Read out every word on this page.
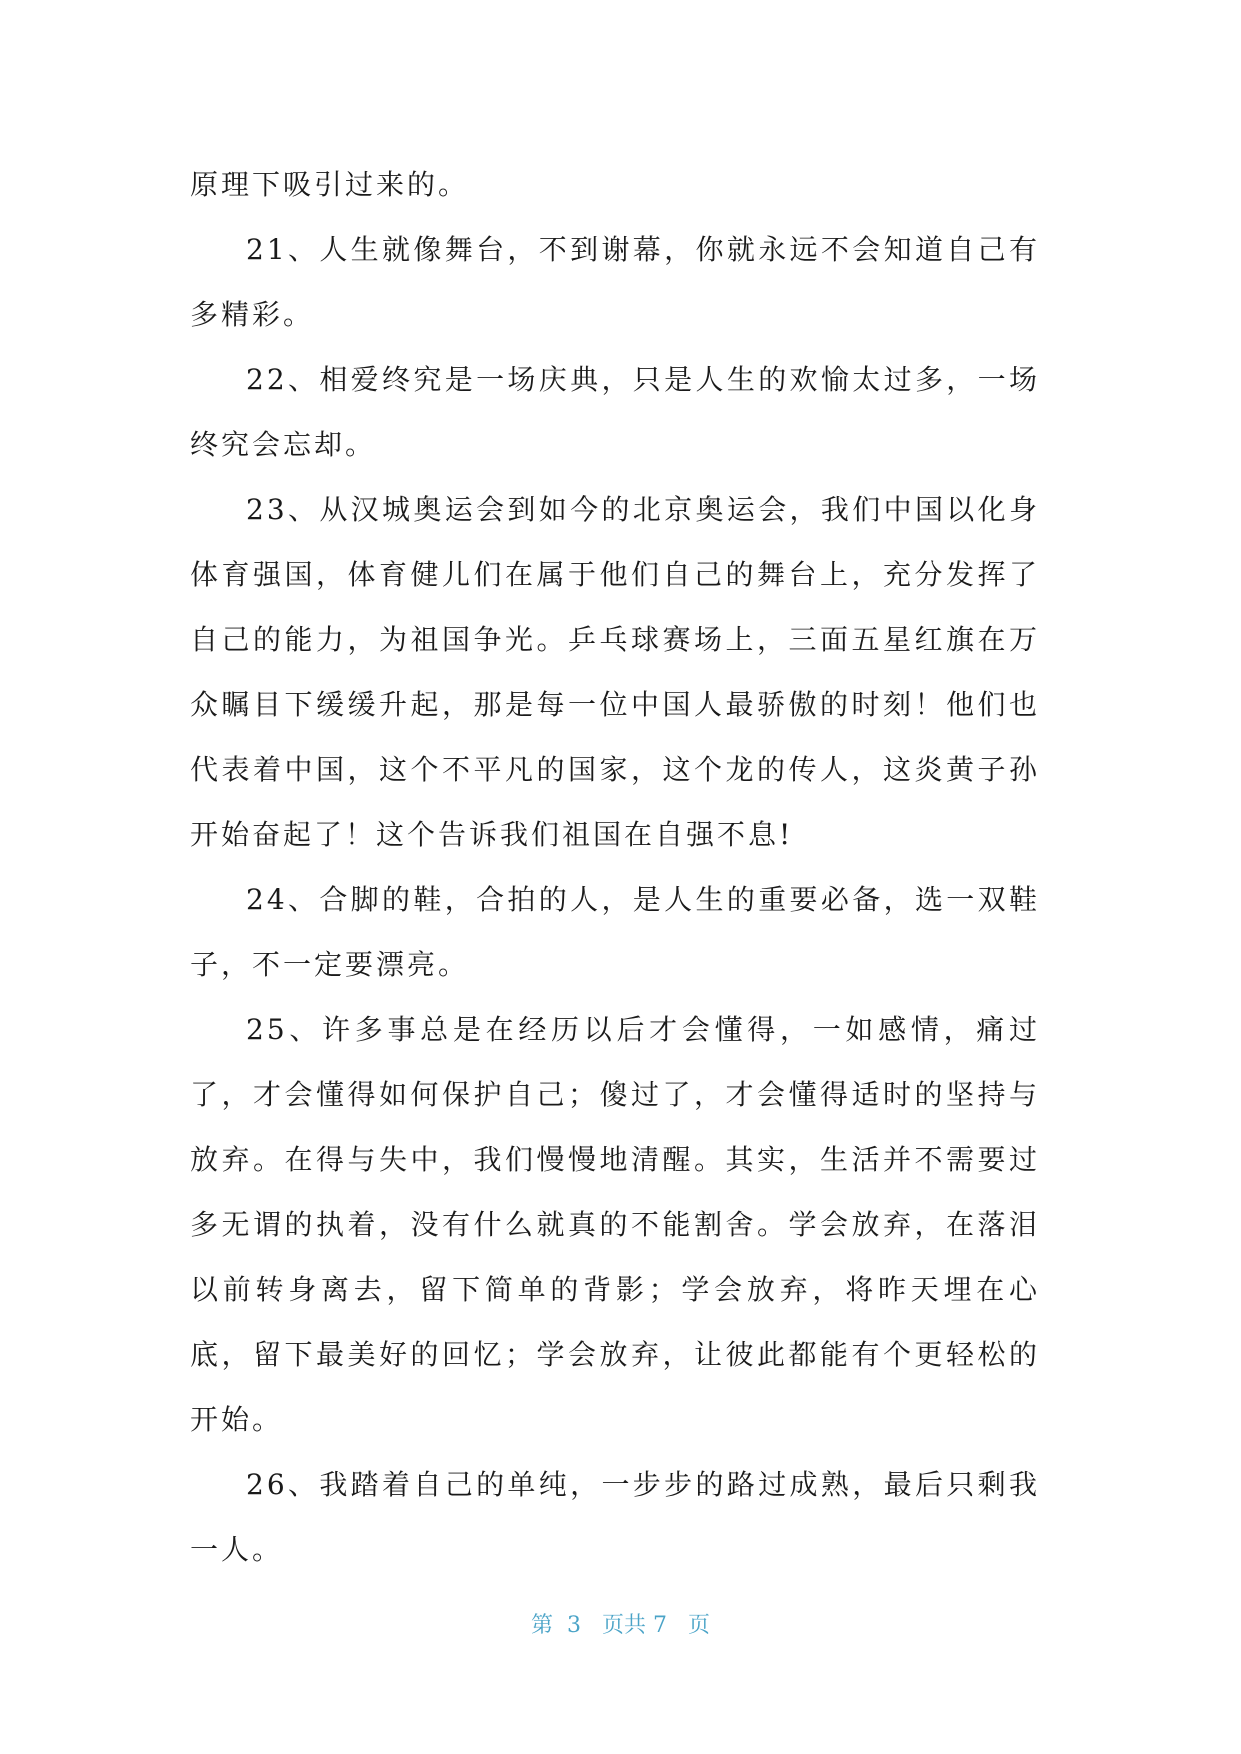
原理下吸引过来的。

21、人生就像舞台，不到谢幕，你就永远不会知道自己有多精彩。

22、相爱终究是一场庆典，只是人生的欢愉太过多，一场终究会忘却。

23、从汉城奥运会到如今的北京奥运会，我们中国以化身体育强国，体育健儿们在属于他们自己的舞台上，充分发挥了自己的能力，为祖国争光。乒乓球赛场上，三面五星红旗在万众瞩目下缓缓升起，那是每一位中国人最骄傲的时刻！他们也代表着中国，这个不平凡的国家，这个龙的传人，这炎黄子孙开始奋起了！这个告诉我们祖国在自强不息!

24、合脚的鞋，合拍的人，是人生的重要必备，选一双鞋子，不一定要漂亮。

25、许多事总是在经历以后才会懂得，一如感情，痛过了，才会懂得如何保护自己；傻过了，才会懂得适时的坚持与放弃。在得与失中，我们慢慢地清醒。其实，生活并不需要过多无谓的执着，没有什么就真的不能割舍。学会放弃，在落泪以前转身离去，留下简单的背影；学会放弃，将昨天埋在心底，留下最美好的回忆；学会放弃，让彼此都能有个更轻松的开始。

26、我踏着自己的单纯，一步步的路过成熟，最后只剩我一人。

第  3   页共 7   页
